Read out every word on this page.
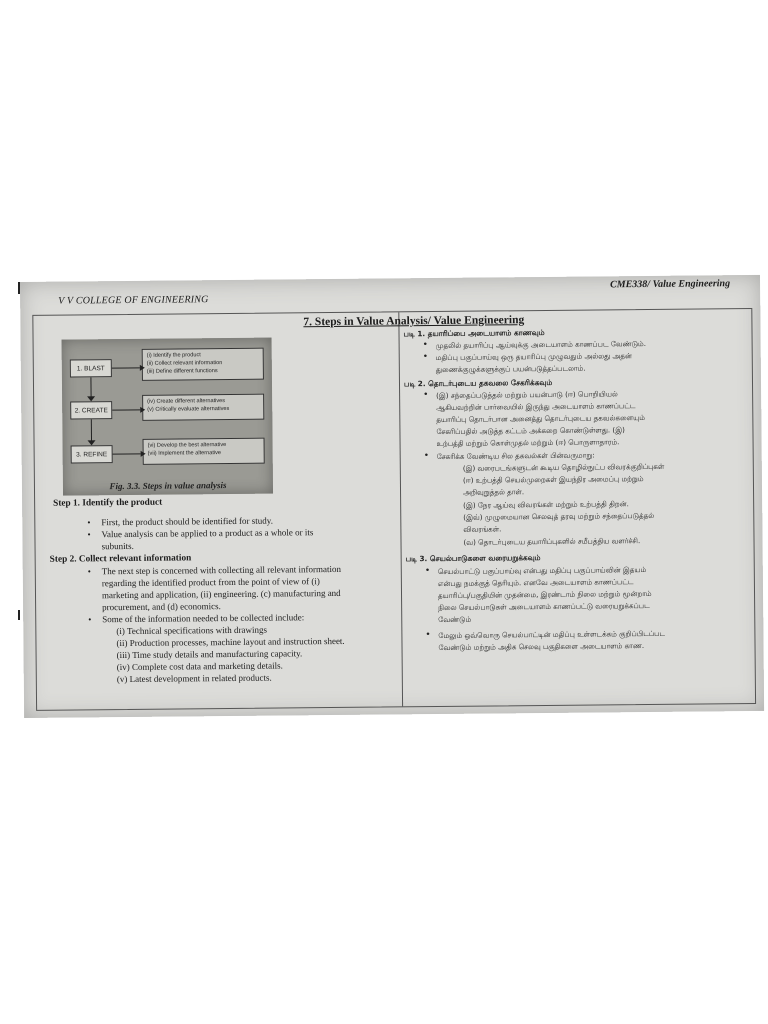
V V COLLEGE OF ENGINEERING
CME338/ Value Engineering
7. Steps in Value Analysis/ Value Engineering
1. BLAST
(i) Identify the product
(ii) Collect relevant information
(iii) Define different functions
2. CREATE
(iv) Create different alternatives
(v) Critically evaluate alternatives
3. REFINE
(vi) Develop the best alternative
(vii) Implement the alternative
Fig. 3.3. Steps in value analysis
Step 1. Identify the product
• First, the product should be identified for study.
• Value analysis can be applied to a product as a whole or its
subunits.
Step 2. Collect relevant information
• The next step is concerned with collecting all relevant information
regarding the identified product from the point of view of (i)
marketing and application, (ii) engineering. (c) manufacturing and
procurement, and (d) economics.
• Some of the information needed to be collected include:
(i) Technical specifications with drawings
(ii) Production processes, machine layout and instruction sheet.
(iii) Time study details and manufacturing capacity.
(iv) Complete cost data and marketing details.
(v) Latest development in related products.
படி 1. தயாரிப்பை அடையாளம் காணவும்
• முதலில் தயாரிப்பு ஆய்வுக்கு அடையாளம் காணப்பட வேண்டும்.
• மதிப்பு பகுப்பாய்வு ஒரு தயாரிப்பு முழுவதும் அல்லது அதன்
துணைக்குழுக்களுக்குப் பயன்படுத்தப்படலாம்.
படி 2. தொடர்புடைய தகவலை சேகரிக்கவும்
• (இ) சந்தைப்படுத்தல் மற்றும் பயன்பாடு (ஈ) பொறியியல்
ஆகியவற்றின் பார்வையில் இருந்து அடையாளம் காணப்பட்ட
தயாரிப்பு தொடர்பான அனைத்து தொடர்புடைய தகவல்களையும்
சேகரிப்பதில் அடுத்த கட்டம் அக்கறை கொண்டுள்ளது. (இ)
உற்பத்தி மற்றும் கொள்முதல் மற்றும் (ஈ) பொருளாதாரம்.
• சேகரிக்க வேண்டிய சில தகவல்கள் பின்வருமாறு:
(இ) வரைபடங்களுடன் கூடிய தொழில்நுட்ப விவரக்குறிப்புகள்
(ஈ) உற்பத்தி செயல்முறைகள் இயந்திர அமைப்பு மற்றும்
அறிவுறுத்தல் தாள்.
(இ) நேர ஆய்வு விவரங்கள் மற்றும் உற்பத்தி திறன்.
(இவ்) முழுமையான செலவுத் தரவு மற்றும் சந்தைப்படுத்தல்
விவரங்கள்.
(வ) தொடர்புடைய தயாரிப்புகளில் சமீபத்திய வளர்ச்சி.
படி 3. செயல்பாடுகளை வரையறுக்கவும்
• செயல்பாட்டு பகுப்பாய்வு என்பது மதிப்பு பகுப்பாய்வின் இதயம்
என்பது நமக்குத் தெரியும். எனவே அடையாளம் காணப்பட்ட
தயாரிப்பு/பகுதியின் முதன்மை, இரண்டாம் நிலை மற்றும் மூன்றாம்
நிலை செயல்பாடுகள் அடையாளம் காணப்பட்டு வரையறுக்கப்பட
வேண்டும்
• மேலும் ஒவ்வொரு செயல்பாட்டின் மதிப்பு உள்ளடக்கம் குறிப்பிடப்பட
வேண்டும் மற்றும் அதிக செலவு பகுதிகளை அடையாளம் காண.
